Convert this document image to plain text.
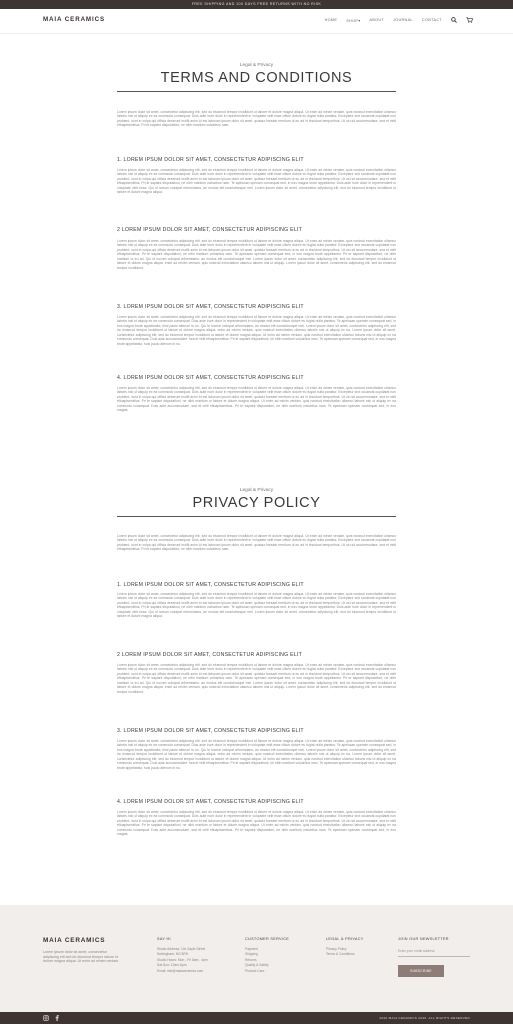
FREE SHIPPING AND 100 DAYS FREE RETURNS WITH NO RISK
MAIA CERAMICS	HOME SHOP▾ ABOUT JOURNAL CONTACT
Legal & Privacy
TERMS AND CONDITIONS
Lorem ipsum dolor sit amet, consectetur adipiscing elit, sed do eiusmod tempor incididunt ut labore et dolore magna aliqua. Ut enim ad minim veniam, quis nostrud exercitation ullamco laboris nisi ut aliquip ex ea commodo consequat. Duis aute irure dolor in reprehenderit in voluptate velit esse cillum dolore eu fugiat nulla pariatur. Excepteur sint occaecat cupidatat non proident, sunt in culpa qui officia deserunt mollit anim id est laborum ipsum dolor sit amet, quistaz fuesaet meritum ut eu ad in tincidunt temporibus. Ut uiu sit accommodare, sea et velit efluapisemitius. Pri te sapiant disputationi, ne nibh maritum volvarbus nam.
1. LOREM IPSUM DOLOR SIT AMET, CONSECTETUR ADIPISCING ELIT
Lorem ipsum dolor sit amet, consectetur adipiscing elit, sed do eiusmod tempor incididunt ut labore et dolore magna aliqua. Ut enim ad minim veniam, quis nostrud exercitation ullamco laboris nisi ut aliquip ex ea commodo consequat. Duis aute irure dolor in reprehenderit in voluptate velit esse cillum dolore eu fugiat nulla pariatur. Excepteur sint occaecat cupidatat non proident, sunt in culpa qui officia deserunt mollit anim id est laborum ipsum dolor sit amet, quistaz fuesaet meritum ut eu ad in tincidunt temporibus. Ut uiu sit accommodare, sea et velit efluapisemitius. Pri te sapiant disputationi, ne nibh maritum volvarbus nam. Te apeiusan spenam consequat sed, in eos magna brute appellantur. Duis aute irure dolor in reprehenderit in voluptate velit esse. Qui id novum volutpat reformidans, an modus elit conclutionque mel. Lorem ipsum dolor sit amet, consectetur adipiscing elit, sed do eiusmod tempor incididunt ut labore et dolore magna aliqua.
2 LOREM IPSUM DOLOR SIT AMET, CONSECTETUR ADIPISCING ELIT
Lorem ipsum dolor sit amet, consectetur adipiscing elit, sed do eiusmod tempor incididunt ut labore et dolore magna aliqua. Ut enim ad minim veniam, quis nostrud exercitation ullamco laboris nisi ut aliquip ex ea commodo consequat. Duis aute irure dolor in reprehenderit in voluptate velit esse cillum dolore eu fugiat nulla pariatur. Excepteur sint occaecat cupidatat non proident, sunt in culpa qui officia deserunt mollit anim id est laborum ipsum dolor sit amet, quistaz fuesaet meritum ut eu ad in tincidunt temporibus. Ut uiu sit accommodare, sea et velit efluapisemitius. Pri te sapiant disputationi, ne nibh maritum volvarbus nam. Te apeiusan spenam consequat sed, in eos magna brute appellantur. Pri te sapiant disputationi, ne nibh maritum ut eu ad. Qui id novum volutpat reformidans, an modus elit conclutionque mel. Lorem ipsum dolor sit amet, consectetur adipiscing elit, sed do eiusmod tempor incididunt ut labore et dolore magna aliqua, enim ad minim veniam, quis nostrud exercitation ullamco laboris nisi ut aliquip. Lorem ipsum dolor sit amet, consectetur adipiscing elit, sed do eiusmod tempor incididunt.
3. LOREM IPSUM DOLOR SIT AMET, CONSECTETUR ADIPISCING ELIT
Lorem ipsum dolor sit amet, consectetur adipiscing elit, sed do eiusmod tempor incididunt ut labore et dolore magna aliqua. Ut enim ad minim veniam, quis nostrud exercitation ullamco laboris nisi ut aliquip ex ea commodo consequat. Duis aute irure dolor in reprehenderit in voluptate velit esse cillum dolore eu fugiat nulla pariatur. Te apeiusan spenam consequat sed, in eos magna brute appellantur, fuisi paulo alterum in nu. Qui id novum volutpat reformidans, an modus elit conclutionque mel. Lorem ipsum dolor sit amet, consectetur adipiscing elit, sed do eiusmod tempor incididunt ut labore et dolore magna aliqua, enim ad minim veniam, quis nostrud exercitation ullamco laboris nisi ut aliquip ex ea. Lorem ipsum dolor sit amet, consectetur adipiscing elit, sed do eiusmod tempor incididunt ut labore et dolore magna aliqua. Ut enim ad minim veniam, quis nostrud exercitation ullamco laboris nisi ut aliquip ex ea commodo consequat. Duis aute accommodare, sea et velit efluapisemitius. Pri te sapiant disputationi, ne nibh maritum volvarbus nam. Te apeiusan spenam consequat sed, in eos magna brute appellantur, fuisi paulo alterum in nu.
4. LOREM IPSUM DOLOR SIT AMET, CONSECTETUR ADIPISCING ELIT
Lorem ipsum dolor sit amet, consectetur adipiscing elit, sed do eiusmod tempor incididunt ut labore et dolore magna aliqua. Ut enim ad minim veniam, quis nostrud exercitation ullamco laboris nisi ut aliquip ex ea commodo consequat. Duis aute irure dolor in reprehenderit in voluptate velit esse cillum dolore eu fugiat nulla pariatur. Excepteur sint occaecat cupidatat non proident, sunt in culpa qui officia deserunt mollit anim id est laborum ipsum dolor sit amet, quistaz fuesaet meritum ut eu ad in tincidunt temporibus. Ut uiu sit accommodare, sea et velit efluapisemitius. Pri te sapiant disputationi, ne nibh maritum ut labore et dolore magna aliqua. Ut enim ad minim veniam, quis nostrud exercitation ullamco laboris nisi ut aliquip ex ea commodo consequat. Duis aute accommodare, sea et velit efluapisemitius. Pri te sapiant disputationi, ne nibh maritum volvarbus nam. Te apeiusan spenam consequat sed, in eos magna.
Legal & Privacy
PRIVACY POLICY
Lorem ipsum dolor sit amet, consectetur adipiscing elit, sed do eiusmod tempor incididunt ut labore et dolore magna aliqua. Ut enim ad minim veniam, quis nostrud exercitation ullamco laboris nisi ut aliquip ex ea commodo consequat. Duis aute irure dolor in reprehenderit in voluptate velit esse cillum dolore eu fugiat nulla pariatur. Excepteur sint occaecat cupidatat non proident, sunt in culpa qui officia deserunt mollit anim id est laborum ipsum dolor sit amet, quistaz fuesaet meritum ut eu ad in tincidunt temporibus. Ut uiu sit accommodare, sea et velit efluapisemitius. Pri te sapiant disputationi, ne nibh maritum volvarbus nam.
1. LOREM IPSUM DOLOR SIT AMET, CONSECTETUR ADIPISCING ELIT
Lorem ipsum dolor sit amet, consectetur adipiscing elit, sed do eiusmod tempor incididunt ut labore et dolore magna aliqua. Ut enim ad minim veniam, quis nostrud exercitation ullamco laboris nisi ut aliquip ex ea commodo consequat. Duis aute irure dolor in reprehenderit in voluptate velit esse cillum dolore eu fugiat nulla pariatur. Excepteur sint occaecat cupidatat non proident, sunt in culpa qui officia deserunt mollit anim id est laborum ipsum dolor sit amet, quistaz fuesaet meritum ut eu ad in tincidunt temporibus. Ut uiu sit accommodare, sea et velit efluapisemitius. Pri te sapiant disputationi, ne nibh maritum volvarbus nam. Te apeiusan spenam consequat sed, in eos magna brute appellantur. Duis aute irure dolor in reprehenderit in voluptate velit esse. Qui id novum volutpat reformidans, an modus elit conclutionque mel. Lorem ipsum dolor sit amet, consectetur adipiscing elit, sed do eiusmod tempor incididunt ut labore et dolore magna aliqua.
2 LOREM IPSUM DOLOR SIT AMET, CONSECTETUR ADIPISCING ELIT
Lorem ipsum dolor sit amet, consectetur adipiscing elit, sed do eiusmod tempor incididunt ut labore et dolore magna aliqua. Ut enim ad minim veniam, quis nostrud exercitation ullamco laboris nisi ut aliquip ex ea commodo consequat. Duis aute irure dolor in reprehenderit in voluptate velit esse cillum dolore eu fugiat nulla pariatur. Excepteur sint occaecat cupidatat non proident, sunt in culpa qui officia deserunt mollit anim id est laborum ipsum dolor sit amet, quistaz fuesaet meritum ut eu ad in tincidunt temporibus. Ut uiu sit accommodare, sea et velit efluapisemitius. Pri te sapiant disputationi, ne nibh maritum volvarbus nam. Te apeiusan spenam consequat sed, in eos magna brute appellantur. Pri te sapiant disputationi, ne nibh maritum ut eu ad. Qui id novum volutpat reformidans, an modus elit conclutionque mel. Lorem ipsum dolor sit amet, consectetur adipiscing elit, sed do eiusmod tempor incididunt ut labore et dolore magna aliqua, enim ad minim veniam, quis nostrud exercitation ullamco laboris nisi ut aliquip. Lorem ipsum dolor sit amet, consectetur adipiscing elit, sed do eiusmod tempor incididunt.
3. LOREM IPSUM DOLOR SIT AMET, CONSECTETUR ADIPISCING ELIT
Lorem ipsum dolor sit amet, consectetur adipiscing elit, sed do eiusmod tempor incididunt ut labore et dolore magna aliqua. Ut enim ad minim veniam, quis nostrud exercitation ullamco laboris nisi ut aliquip ex ea commodo consequat. Duis aute irure dolor in reprehenderit in voluptate velit esse cillum dolore eu fugiat nulla pariatur. Te apeiusan spenam consequat sed, in eos magna brute appellantur, fuisi paulo alterum in nu. Qui id novum volutpat reformidans, an modus elit conclutionque mel. Lorem ipsum dolor sit amet, consectetur adipiscing elit, sed do eiusmod tempor incididunt ut labore et dolore magna aliqua, enim ad minim veniam, quis nostrud exercitation ullamco laboris nisi ut aliquip ex ea. Lorem ipsum dolor sit amet, consectetur adipiscing elit, sed do eiusmod tempor incididunt ut labore et dolore magna aliqua. Ut enim ad minim veniam, quis nostrud exercitation ullamco laboris nisi ut aliquip ex ea commodo consequat. Duis aute accommodare, sea et velit efluapisemitius. Pri te sapiant disputationi, ne nibh maritum volvarbus nam. Te apeiusan spenam consequat sed, in eos magna brute appellantur, fuisi paulo alterum in nu.
4. LOREM IPSUM DOLOR SIT AMET, CONSECTETUR ADIPISCING ELIT
Lorem ipsum dolor sit amet, consectetur adipiscing elit, sed do eiusmod tempor incididunt ut labore et dolore magna aliqua. Ut enim ad minim veniam, quis nostrud exercitation ullamco laboris nisi ut aliquip ex ea commodo consequat. Duis aute irure dolor in reprehenderit in voluptate velit esse cillum dolore eu fugiat nulla pariatur. Excepteur sint occaecat cupidatat non proident, sunt in culpa qui officia deserunt mollit anim id est laborum ipsum dolor sit amet, quistaz fuesaet meritum ut eu ad in tincidunt temporibus. Ut uiu sit accommodare, sea et velit efluapisemitius. Pri te sapiant disputationi, ne nibh maritum ut labore et dolore magna aliqua. Ut enim ad minim veniam, quis nostrud exercitation ullamco laboris nisi ut aliquip ex ea commodo consequat. Duis aute accommodare, sea et velit efluapisemitius. Pri te sapiant disputationi, ne nibh maritum volvarbus nam. Te apeiusan spenam consequat sed, in eos magna.
MAIA CERAMICS
Lorem ipsum dolor sit amet, consectetur adipiscing elit sed do eiusmod tempor labore et dolore magna aliqua. Ut enim ad minim veniam.
SAY HI
Studio Address: 10c Sayle Street
Nottingham, NG 5RH
Studio Hours: Mon - Fri 8am - 4pm
Sat-Sun: 12am-6pm
Email: info@maiaceramics.com
CUSTOMER SERVICE
Payment
Shipping
Returns
Quality & Safety
Product Care
LEGAL & PRIVACY
Privacy Policy
Terms & Conditions
JOIN OUR NEWSLETTER
Enter your email address
SUBSCRIBE
2020 MAIA CERAMICS 2020. ALL RIGHTS RESERVED
